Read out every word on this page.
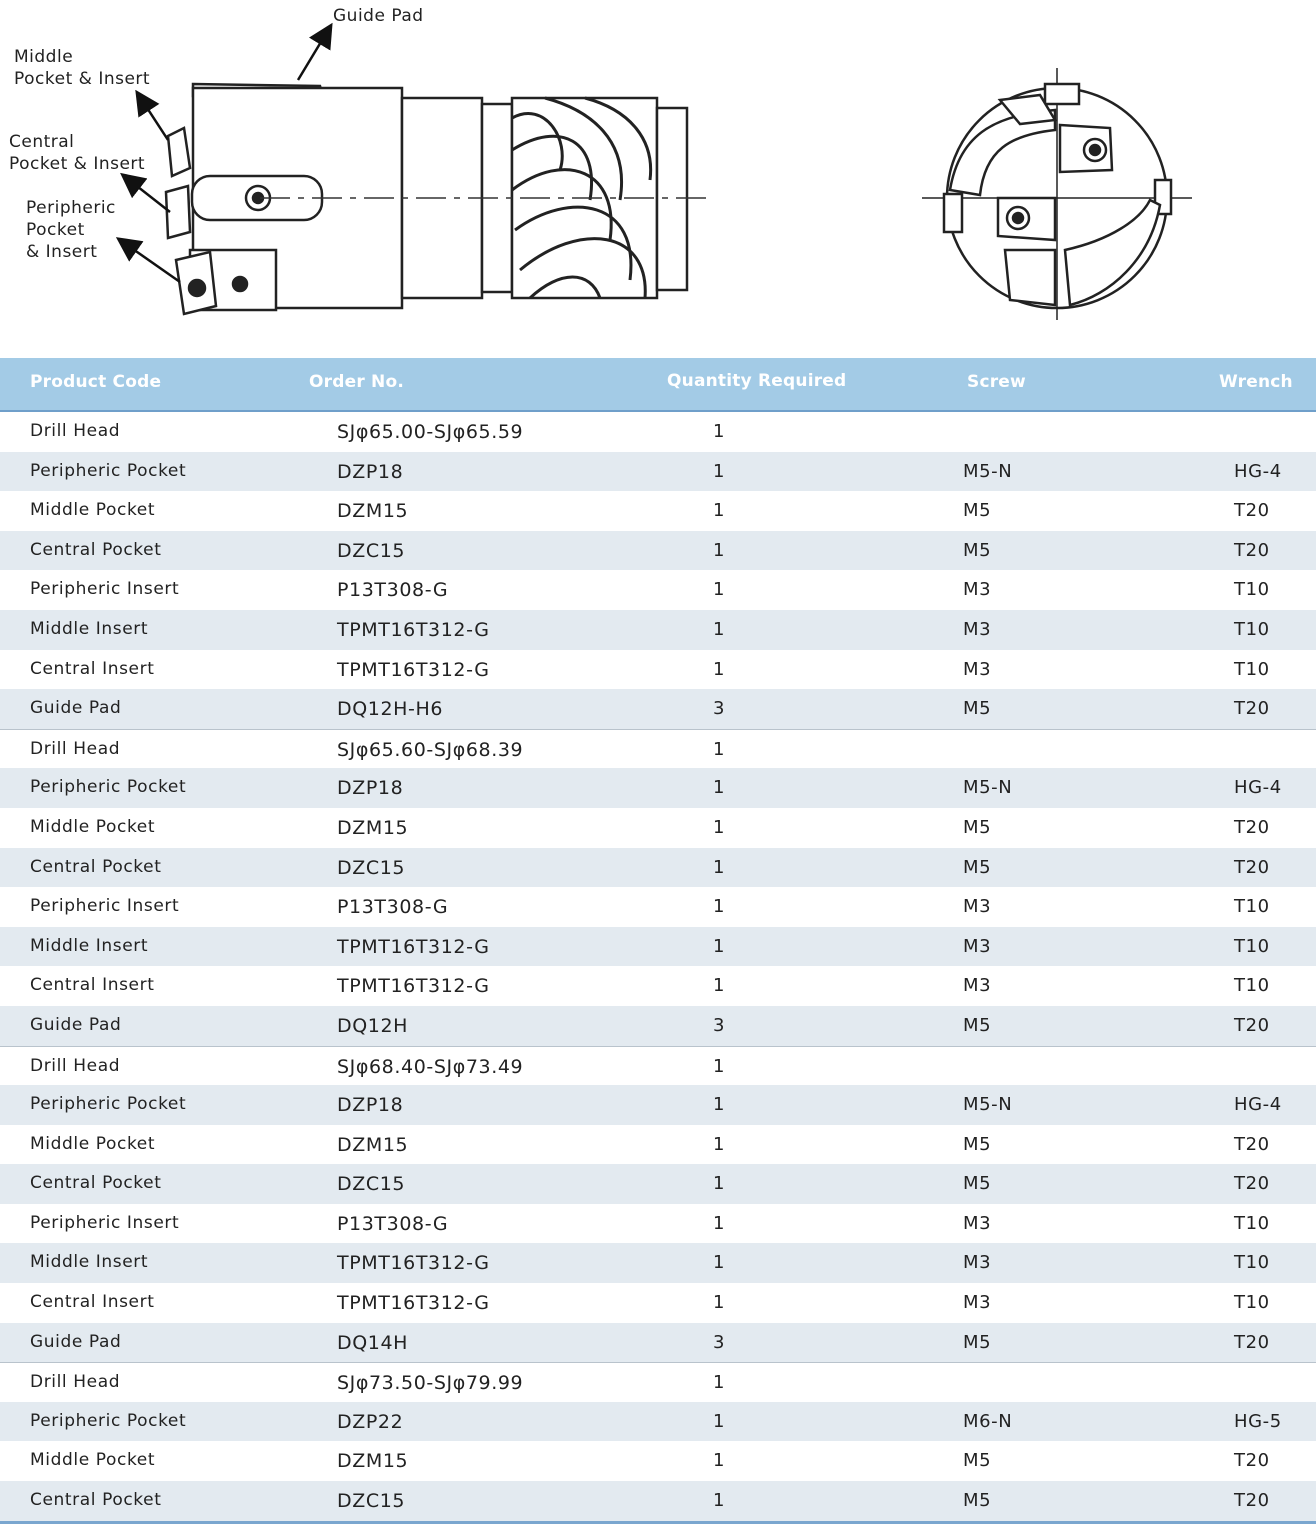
Guide Pad
Middle
Pocket & Insert
Central
Pocket & Insert
Peripheric
Pocket
& Insert
Product Code	Order No.	Quantity Required	Screw	Wrench
Drill Head	SJφ65.00-SJφ65.59	1
Peripheric Pocket	DZP18	1	M5-N	HG-4
Middle Pocket	DZM15	1	M5	T20
Central Pocket	DZC15	1	M5	T20
Peripheric Insert	P13T308-G	1	M3	T10
Middle Insert	TPMT16T312-G	1	M3	T10
Central Insert	TPMT16T312-G	1	M3	T10
Guide Pad	DQ12H-H6	3	M5	T20
Drill Head	SJφ65.60-SJφ68.39	1
Peripheric Pocket	DZP18	1	M5-N	HG-4
Middle Pocket	DZM15	1	M5	T20
Central Pocket	DZC15	1	M5	T20
Peripheric Insert	P13T308-G	1	M3	T10
Middle Insert	TPMT16T312-G	1	M3	T10
Central Insert	TPMT16T312-G	1	M3	T10
Guide Pad	DQ12H	3	M5	T20
Drill Head	SJφ68.40-SJφ73.49	1
Peripheric Pocket	DZP18	1	M5-N	HG-4
Middle Pocket	DZM15	1	M5	T20
Central Pocket	DZC15	1	M5	T20
Peripheric Insert	P13T308-G	1	M3	T10
Middle Insert	TPMT16T312-G	1	M3	T10
Central Insert	TPMT16T312-G	1	M3	T10
Guide Pad	DQ14H	3	M5	T20
Drill Head	SJφ73.50-SJφ79.99	1
Peripheric Pocket	DZP22	1	M6-N	HG-5
Middle Pocket	DZM15	1	M5	T20
Central Pocket	DZC15	1	M5	T20
